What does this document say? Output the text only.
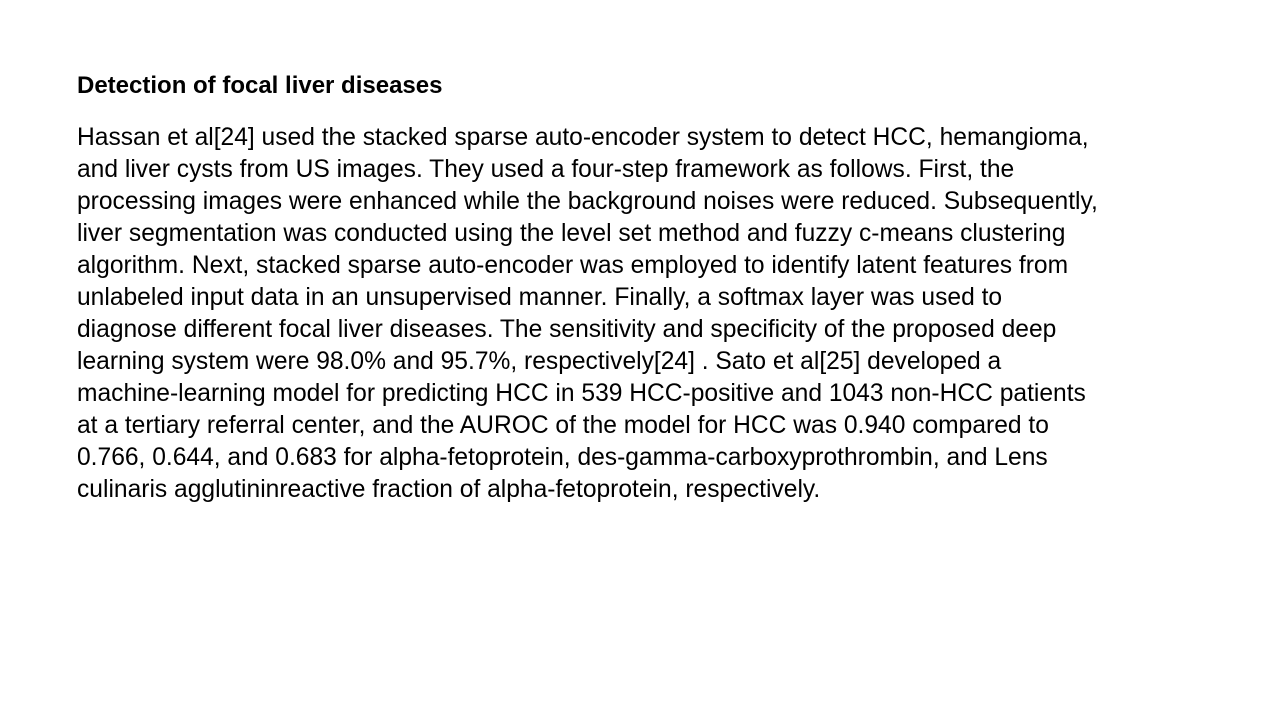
Detection of focal liver diseases

Hassan et al[24] used the stacked sparse auto-encoder system to detect HCC, hemangioma,
and liver cysts from US images. They used a four-step framework as follows. First, the
processing images were enhanced while the background noises were reduced. Subsequently,
liver segmentation was conducted using the level set method and fuzzy c-means clustering
algorithm. Next, stacked sparse auto-encoder was employed to identify latent features from
unlabeled input data in an unsupervised manner. Finally, a softmax layer was used to
diagnose different focal liver diseases. The sensitivity and specificity of the proposed deep
learning system were 98.0% and 95.7%, respectively[24] . Sato et al[25] developed a
machine-learning model for predicting HCC in 539 HCC-positive and 1043 non-HCC patients
at a tertiary referral center, and the AUROC of the model for HCC was 0.940 compared to
0.766, 0.644, and 0.683 for alpha-fetoprotein, des-gamma-carboxyprothrombin, and Lens
culinaris agglutininreactive fraction of alpha-fetoprotein, respectively.
